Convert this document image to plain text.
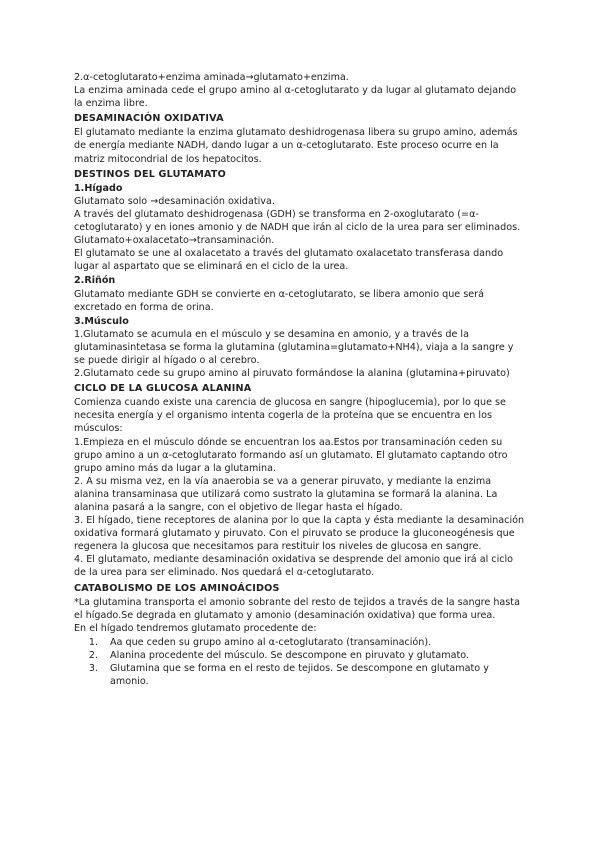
2.α-cetoglutarato+enzima aminada→glutamato+enzima.

La enzima aminada cede el grupo amino al α-cetoglutarato y da lugar al glutamato dejando la enzima libre.

DESAMINACIÓN OXIDATIVA

El glutamato mediante la enzima glutamato deshidrogenasa libera su grupo amino, además de energía mediante NADH, dando lugar a un α-cetoglutarato. Este proceso ocurre en la matriz mitocondrial de los hepatocitos.

DESTINOS DEL GLUTAMATO
1.Hígado

Glutamato solo →desaminación oxidativa.

A través del glutamato deshidrogenasa (GDH) se transforma en 2-oxoglutarato (=α-cetoglutarato) y en iones amonio y de NADH que irán al ciclo de la urea para ser eliminados.

Glutamato+oxalacetato→transaminación.

El glutamato se une al oxalacetato a través del glutamato oxalacetato transferasa dando lugar al aspartato que se eliminará en el ciclo de la urea.

2.Riñón

Glutamato mediante GDH se convierte en α-cetoglutarato, se libera amonio que será excretado en forma de orina.

3.Músculo

1.Glutamato se acumula en el músculo y se desamina en amonio, y a través de la glutaminasintetasa se forma la glutamina (glutamina=glutamato+NH4), viaja a la sangre y se puede dirigir al hígado o al cerebro.

2.Glutamato cede su grupo amino al piruvato formándose la alanina (glutamina+piruvato)

CICLO DE LA GLUCOSA ALANINA

Comienza cuando existe una carencia de glucosa en sangre (hipoglucemia), por lo que se necesita energía y el organismo intenta cogerla de la proteína que se encuentra en los músculos:

1.Empieza en el músculo dónde se encuentran los aa.Estos por transaminación ceden su grupo amino a un α-cetoglutarato formando así un glutamato. El glutamato captando otro grupo amino más da lugar a la glutamina.

2. A su misma vez, en la vía anaerobia se va a generar piruvato, y mediante la enzima alanina transaminasa que utilizará como sustrato la glutamina se formará la alanina. La alanina pasará a la sangre, con el objetivo de llegar hasta el hígado.

3. El hígado, tiene receptores de alanina por lo que la capta y ésta mediante la desaminación oxidativa formará glutamato y piruvato. Con el piruvato se produce la gluconeogénesis que regenera la glucosa que necesitamos para restituir los niveles de glucosa en sangre.

4. El glutamato, mediante desaminación oxidativa se desprende del amonio que irá al ciclo de la urea para ser eliminado. Nos quedará el α-cetoglutarato.

CATABOLISMO DE LOS AMINOÁCIDOS

*La glutamina transporta el amonio sobrante del resto de tejidos a través de la sangre hasta el hígado.Se degrada en glutamato y amonio (desaminación oxidativa) que forma urea.

En el hígado tendremos glutamato procedente de:

1.	Aa que ceden su grupo amino al α-cetoglutarato (transaminación).
2.	Alanina procedente del músculo. Se descompone en piruvato y glutamato.
3.	Glutamina que se forma en el resto de tejidos. Se descompone en glutamato y amonio.
